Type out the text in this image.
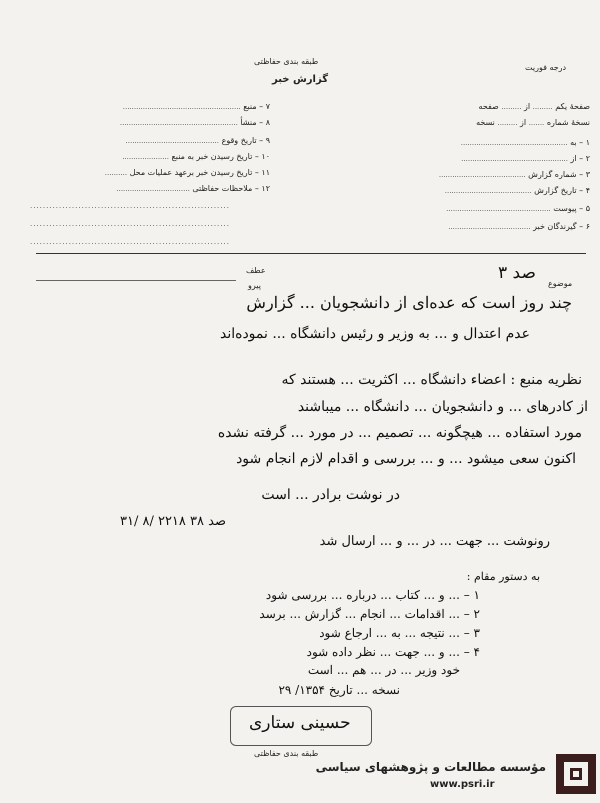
طبقه بندی حفاظتی
درجه فوریت
گزارش خبر
صفحهٔ یکم ......... از ......... صفحه
نسخهٔ شماره ....... از ......... نسخه
۱ – به ................................................
۲ – از ................................................
۳ – شماره گزارش .......................................
۴ – تاریخ گزارش .......................................
۵ – پیوست ...............................................
۶ – گیرندگان خبر .....................................
۷ – منبع .....................................................
۸ – منشأ .....................................................
۹ – تاریخ وقوع ..........................................
۱۰ – تاریخ رسیدن خبر به منبع .....................
۱۱ – تاریخ رسیدن خبر برعهد عملیات محل ..........
۱۲ – ملاحظات حفاظتی .................................
..............................................................
..............................................................
..............................................................
موضوع
صد ۳
عطف
پیرو
چند روز است که عده‌ای از دانشجویان ... گزارش
عدم اعتدال و ... به وزیر و رئیس دانشگاه ... نموده‌اند
نظریه منبع : اعضاء دانشگاه ... اکثریت ... هستند که
از کادرهای ... و دانشجویان ... دانشگاه ... میباشند
مورد استفاده ... هیچگونه ... تصمیم ... در مورد ... گرفته نشده
اکنون سعی میشود ... و ... بررسی و اقدام لازم انجام شود
در نوشت برادر ... است
۳۱/ ۸/ ۲۲۱۸ صد ۳۸
رونوشت ... جهت ... در ... و ... ارسال شد
به دستور مقام :
۱ – ... و ... کتاب ... درباره ... بررسی شود
۲ – ... اقدامات ... انجام ... گزارش ... برسد
۳ – ... نتیجه ... به ... ارجاع شود
۴ – ... و ... جهت ... نظر داده شود
خود وزیر ... در ... هم ... است
نسخه ... تاریخ ۱۳۵۴/ ۲۹
حسینی ستاری
طبقه بندی حفاظتی
مؤسسه مطالعات و پژوهشهای سیاسی
www.psri.ir
